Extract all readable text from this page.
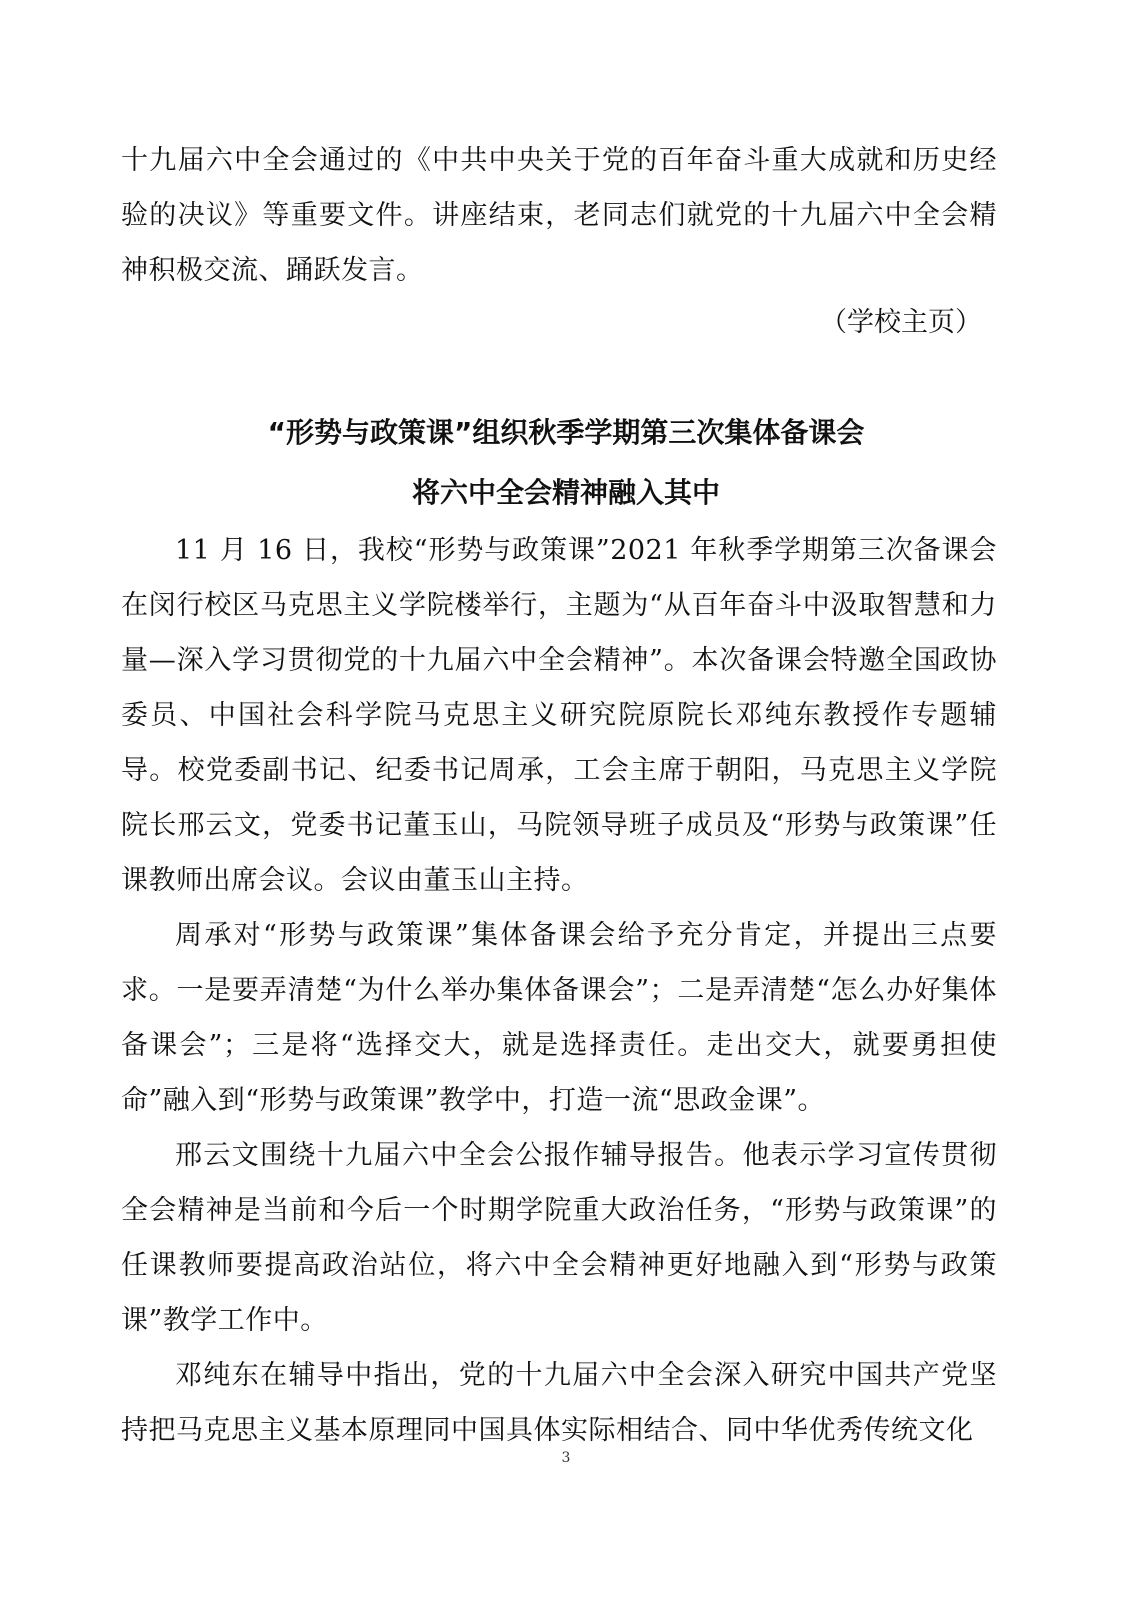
十九届六中全会通过的《中共中央关于党的百年奋斗重大成就和历史经验的决议》等重要文件。讲座结束，老同志们就党的十九届六中全会精神积极交流、踊跃发言。

（学校主页）
“形势与政策课”组织秋季学期第三次集体备课会
将六中全会精神融入其中

11 月 16 日，我校“形势与政策课”2021 年秋季学期第三次备课会在闵行校区马克思主义学院楼举行，主题为“从百年奋斗中汲取智慧和力量—深入学习贯彻党的十九届六中全会精神”。本次备课会特邀全国政协委员、中国社会科学院马克思主义研究院原院长邓纯东教授作专题辅导。校党委副书记、纪委书记周承，工会主席于朝阳，马克思主义学院院长邢云文，党委书记董玉山，马院领导班子成员及“形势与政策课”任课教师出席会议。会议由董玉山主持。

周承对“形势与政策课”集体备课会给予充分肯定，并提出三点要求。一是要弄清楚“为什么举办集体备课会”；二是弄清楚“怎么办好集体备课会”；三是将“选择交大，就是选择责任。走出交大，就要勇担使命”融入到“形势与政策课”教学中，打造一流“思政金课”。

邢云文围绕十九届六中全会公报作辅导报告。他表示学习宣传贯彻全会精神是当前和今后一个时期学院重大政治任务，“形势与政策课”的任课教师要提高政治站位，将六中全会精神更好地融入到“形势与政策课”教学工作中。

邓纯东在辅导中指出，党的十九届六中全会深入研究中国共产党坚持把马克思主义基本原理同中国具体实际相结合、同中华优秀传统文化

3
